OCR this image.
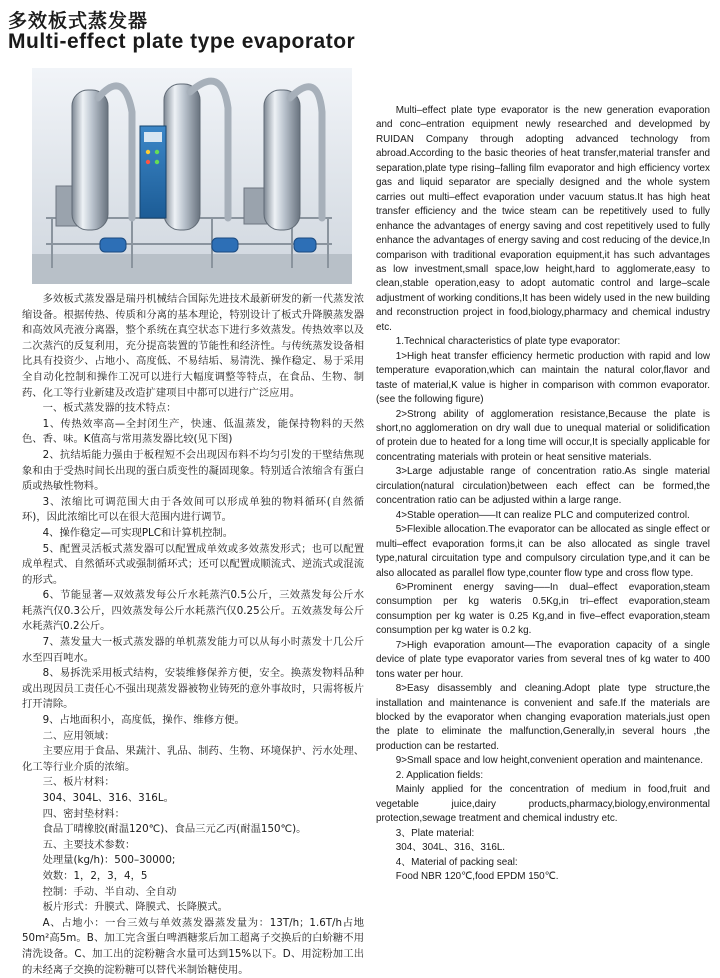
多效板式蒸发器
Multi-effect plate type evaporator

多效板式蒸发器是瑞丹机械结合国际先进技术最新研发的新一代蒸发浓缩设备。根据传热、传质和分离的基本理论，特别设计了板式升降膜蒸发器和高效风壳液分离器，整个系统在真空状态下进行多效蒸发。传热效率以及二次蒸汽的反复利用，充分提高装置的节能性和经济性。与传统蒸发设备相比具有投资少、占地小、高度低、不易结垢、易清洗、操作稳定、易于采用全自动化控制和操作工况可以进行大幅度调整等特点，在食品、生物、制药、化工等行业新建及改造扩建项目中都可以进行广泛应用。

一、板式蒸发器的技术特点：

1、传热效率高—全封闭生产，快速、低温蒸发，能保持物料的天然色、香、味。K值高与常用蒸发器比较(见下图)

2、抗结垢能力强由于板程短不会出现因布料不均匀引发的干壁结焦现象和由于受热时间长出现的蛋白质变性的凝固现象。特别适合浓缩含有蛋白质或热敏性物料。

3、浓缩比可调范围大由于各效间可以形成单独的物料循环(自然循环)，因此浓缩比可以在很大范围内进行调节。

4、操作稳定—可实现PLC和计算机控制。

5、配置灵活板式蒸发器可以配置成单效或多效蒸发形式；也可以配置成单程式、自然循环式或强制循环式；还可以配置成顺流式、逆流式或混流的形式。

6、节能显著—双效蒸发每公斤水耗蒸汽0.5公斤，三效蒸发每公斤水耗蒸汽仅0.3公斤，四效蒸发每公斤水耗蒸汽仅0.25公斤。五效蒸发每公斤水耗蒸汽0.2公斤。

7、蒸发量大一板式蒸发器的单机蒸发能力可以从每小时蒸发十几公斤水至四百吨水。

8、易拆洗采用板式结构，安装维修保养方便，安全。换蒸发物料品种或出现因员工责任心不强出现蒸发器被物业铸死的意外事故时，只需将板片打开清除。

9、占地面积小，高度低，操作、维修方便。

二、应用领域：

主要应用于食品、果蔬汁、乳品、制药、生物、环境保护、污水处理、化工等行业介质的浓缩。

三、板片材料：

304、304L、316、316L。

四、密封垫材料：

食品丁晴橡胶(耐温120℃)、食品三元乙丙(耐温150℃)。

五、主要技术参数：

处理量(kg/h)：500–30000;

效数：1，2，3，4，5

控制：手动、半自动、全自动

板片形式：升膜式、降膜式、长降膜式。

A、占地小：一台三效与单效蒸发器蒸发量为：13T/h；1.6T/h占地50m²高5m。B、加工完含蛋白啤酒糖浆后加工超离子交换后的白蚧糖不用清洗设备。C、加工出的淀粉糖含水量可达到15%以下。D、用淀粉加工出的未经离子交换的淀粉糖可以替代米制饴糖使用。

Multi–effect plate type evaporator is the new generation evaporation and conc–entration equipment newly researched and developmed by RUIDAN Company through adopting advanced technology from abroad.According to the basic theories of heat transfer,material transfer and separation,plate type rising–falling film evaporator and high efficiency vortex gas and liquid separator are specially designed and the whole system carries out multi–effect evaporation under vacuum status.It has high heat transfer efficiency and the twice steam can be repetitively used to fully enhance the advantages of energy saving and cost repetitively used to fully enhance the advantages of energy saving and cost reducing of the device,In comparison with traditional evaporation equipment,it has such advantages as low investment,small space,low height,hard to agglomerate,easy to clean,stable operation,easy to adopt automatic control and large–scale adjustment of working conditions,It has been widely used in the new building and reconstruction project in food,biology,pharmacy and chemical industry etc.

1.Technical characteristics of plate type evaporator:

1>High heat transfer efficiency hermetic production with rapid and low temperature evaporation,which can maintain the natural color,flavor and taste of material,K value is higher in comparison with common evaporator.(see the following figure)

2>Strong ability of agglomeration resistance,Because the plate is short,no agglomeration on dry wall due to unequal material or solidification of protein due to heated for a long time will occur,It is specially applicable for concentrating materials with protein or heat sensitive materials.

3>Large adjustable range of concentration ratio.As single material circulation(natural circulation)between each effect can be formed,the concentration ratio can be adjusted within a large range.

4>Stable operation–––It can realize PLC and computerized control.

5>Flexible allocation.The evaporator can be allocated as single effect or multi–effect evaporation forms,it can be also allocated as single travel type,natural circuitation type and compulsory circulation type,and it can be also allocated as parallel flow type,counter flow type and cross flow type.

6>Prominent energy saving–––In dual–effect evaporation,steam consumption per kg wateris 0.5Kg,in tri–effect evaporation,steam consumption per kg water is 0.25 Kg,and in five–effect evaporation,steam consumption per kg water is 0.2 kg.

7>High evaporation amount––The evaporation capacity of a single device of plate type evaporator varies from several tnes of kg water to 400 tons water per hour.

8>Easy disassembly and cleaning.Adopt plate type structure,the installation and maintenance is convenient and safe.If the materials are blocked by the evaporator when changing evaporation materials,just open the plate to eliminate the malfunction,Generally,in several hours ,the production can be restarted.

9>Small space and low height,convenient operation and maintenance.

2. Application fields:

Mainly applied for the concentration of medium in food,fruit and vegetable juice,dairy products,pharmacy,biology,environmental protection,sewage treatment and chemical industry etc.

3、Plate material:

304、304L、316、316L.

4、Material of packing seal:

Food NBR 120℃,food EPDM 150℃.
